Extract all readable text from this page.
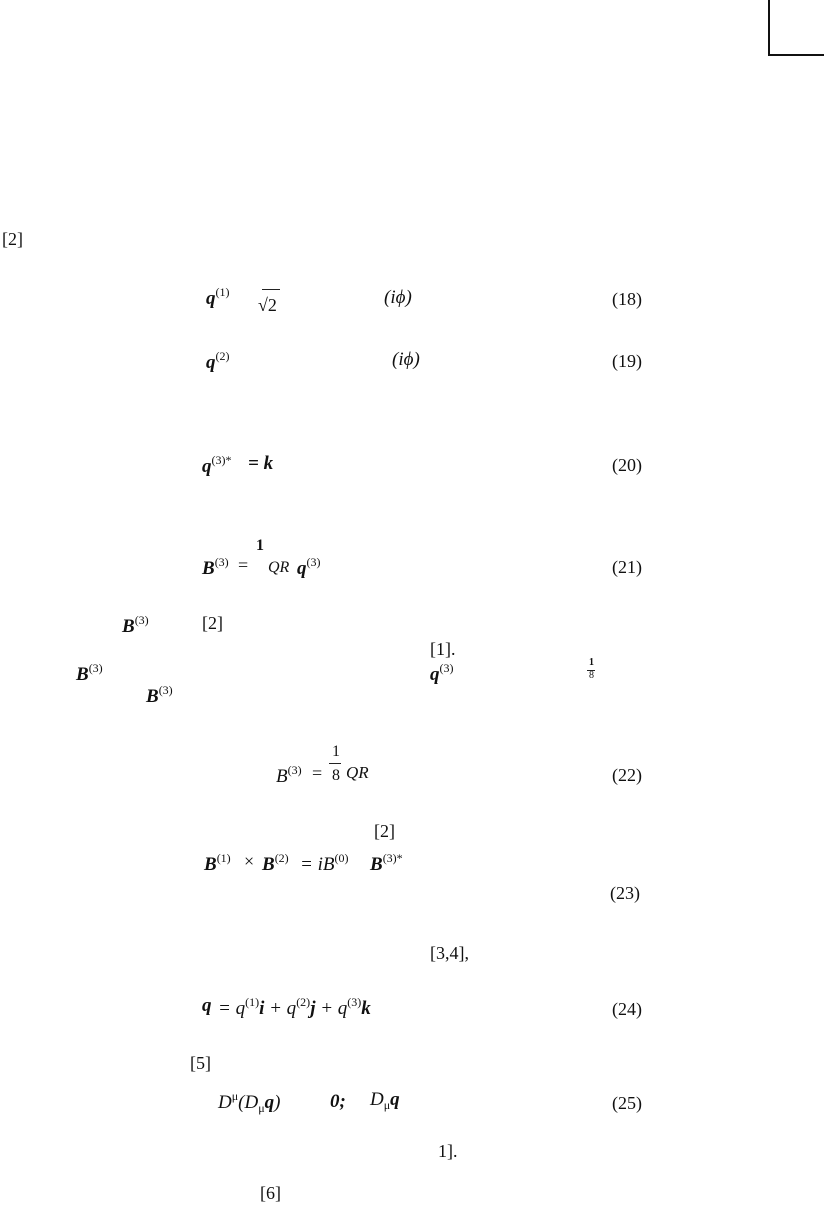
[2]
$q^{(1)}$
√2	(iϕ)	(18)
$q^{(2)}$	(iϕ)	(19)
$q^{(3)*} = k$	(20)
$B^{(3)}$ =
1
QR $q^{(3)}$	(21)
$B^{(3)}$	[2]
[1].
$B^{(3)}$	$q^{(3)}$	1
8
$B^{(3)}$
$B^{(3)}$ =
1
8 QR	(22)
[2]
$B^{(1)} \times B^{(2)} = iB^{(0)}$ $B^{(3)*}$
(23)
[3,4],
$q = q^{(1)}i + q^{(2)}j + q^{(3)}k$	(24)
[5]
$D^\mu(D_\mu q)$	0; $D_\mu q$	(25)
1].
[6]
